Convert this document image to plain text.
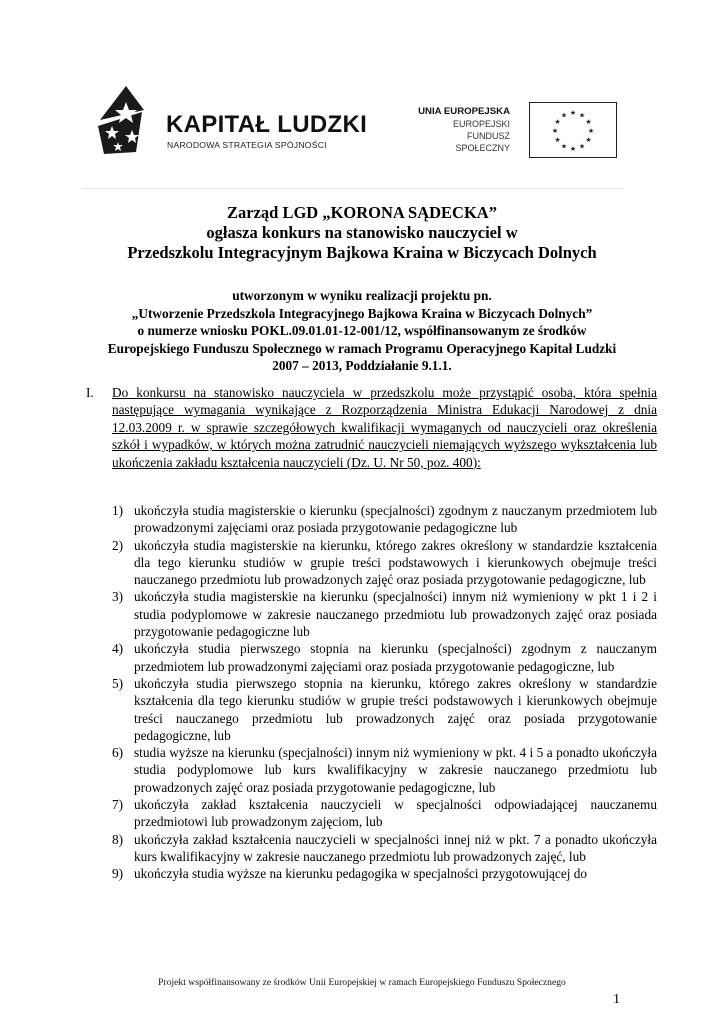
KAPITAŁ LUDZKI
NARODOWA STRATEGIA SPÓJNOŚCI
UNIA EUROPEJSKA
EUROPEJSKI
FUNDUSZ SPOŁECZNY
★ ★
★
★
★
★
★
★
★
★
★
★
Zarząd LGD „KORONA SĄDECKA”
ogłasza konkurs na stanowisko nauczyciel w
Przedszkolu Integracyjnym Bajkowa Kraina w Biczycach Dolnych
utworzonym w wyniku realizacji projektu pn.
„Utworzenie Przedszkola Integracyjnego Bajkowa Kraina w Biczycach Dolnych”
o numerze wniosku POKL.09.01.01-12-001/12, współfinansowanym ze środków
Europejskiego Funduszu Społecznego w ramach Programu Operacyjnego Kapitał Ludzki
2007 – 2013, Poddziałanie 9.1.1.
I. Do konkursu na stanowisko nauczyciela w przedszkolu może przystąpić osoba, która spełnia następujące wymagania wynikające z Rozporządzenia Ministra Edukacji Narodowej z dnia 12.03.2009 r. w sprawie szczegółowych kwalifikacji wymaganych od nauczycieli oraz określenia szkół i wypadków, w których można zatrudnić nauczycieli niemających wyższego wykształcenia lub ukończenia zakładu kształcenia nauczycieli (Dz. U. Nr 50, poz. 400):
1) ukończyła studia magisterskie o kierunku (specjalności) zgodnym z nauczanym przedmiotem lub prowadzonymi zajęciami oraz posiada przygotowanie pedagogiczne lub
2) ukończyła studia magisterskie na kierunku, którego zakres określony w standardzie kształcenia dla tego kierunku studiów w grupie treści podstawowych i kierunkowych obejmuje treści nauczanego przedmiotu lub prowadzonych zajęć oraz posiada przygotowanie pedagogiczne, lub
3) ukończyła studia magisterskie na kierunku (specjalności) innym niż wymieniony w pkt 1 i 2 i studia podyplomowe w zakresie nauczanego przedmiotu lub prowadzonych zajęć oraz posiada przygotowanie pedagogiczne lub
4) ukończyła studia pierwszego stopnia na kierunku (specjalności) zgodnym z nauczanym przedmiotem lub prowadzonymi zajęciami oraz posiada przygotowanie pedagogiczne, lub
5) ukończyła studia pierwszego stopnia na kierunku, którego zakres określony w standardzie kształcenia dla tego kierunku studiów w grupie treści podstawowych i kierunkowych obejmuje treści nauczanego przedmiotu lub prowadzonych zajęć oraz posiada przygotowanie pedagogiczne, lub
6) studia wyższe na kierunku (specjalności) innym niż wymieniony w pkt. 4 i 5 a ponadto ukończyła studia podyplomowe lub kurs kwalifikacyjny w zakresie nauczanego przedmiotu lub prowadzonych zajęć oraz posiada przygotowanie pedagogiczne, lub
7) ukończyła zakład kształcenia nauczycieli w specjalności odpowiadającej nauczanemu przedmiotowi lub prowadzonym zajęciom, lub
8) ukończyła zakład kształcenia nauczycieli w specjalności innej niż w pkt. 7 a ponadto ukończyła kurs kwalifikacyjny w zakresie nauczanego przedmiotu lub prowadzonych zajęć, lub
9) ukończyła studia wyższe na kierunku pedagogika w specjalności przygotowującej do
Projekt współfinansowany ze środków Unii Europejskiej w ramach Europejskiego Funduszu Społecznego
1
